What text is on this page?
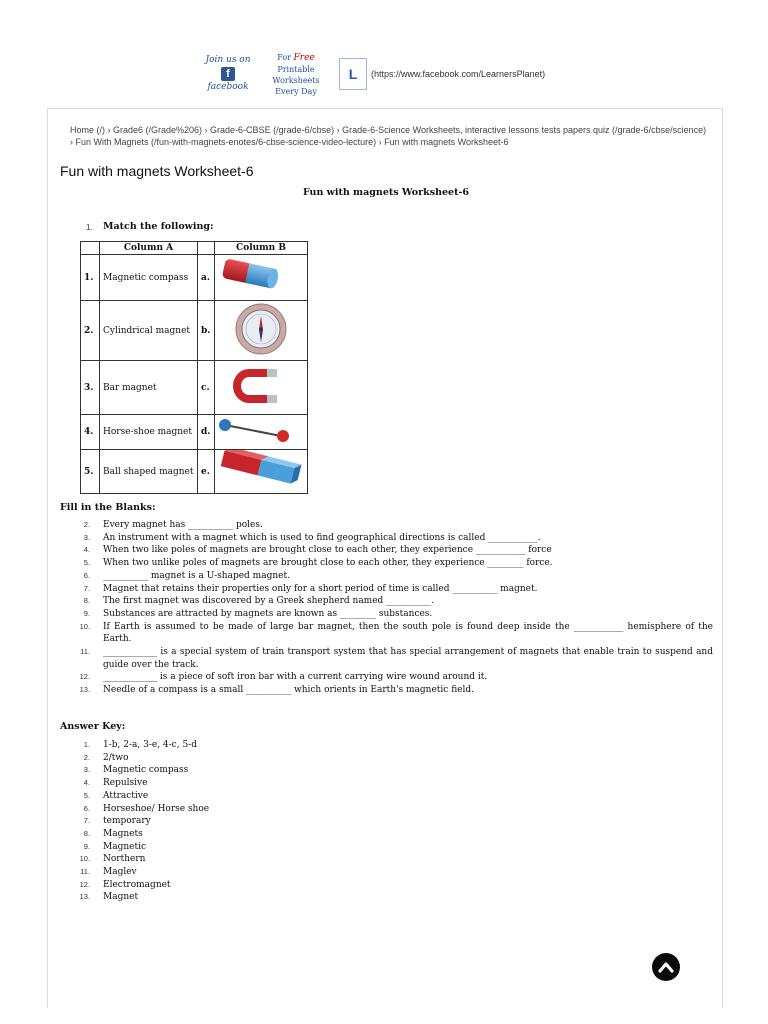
Join us on
f
facebook
For Free
Printable Worksheets
Every Day
L	(https://www.facebook.com/LearnersPlanet)
Home (/) › Grade6 (/Grade%206) › Grade-6-CBSE (/grade-6/cbse) › Grade-6-Science Worksheets, interactive lessons tests papers quiz (/grade-6/cbse/science) › Fun With Magnets (/fun-with-magnets-enotes/6-cbse-science-video-lecture) › Fun with magnets Worksheet-6
Fun with magnets Worksheet-6
Fun with magnets Worksheet-6
1. Match the following:
	Column A		Column B
1.	Magnetic compass	a.	
2.	Cylindrical magnet	b.	
3.	Bar magnet	c.	
4.	Horse-shoe magnet	d.	
5.	Ball shaped magnet	e.	
Fill in the Blanks:
2. Every magnet has __________ poles.
3. An instrument with a magnet which is used to find geographical directions is called ___________.
4. When two like poles of magnets are brought close to each other, they experience ___________ force
5. When two unlike poles of magnets are brought close to each other, they experience ________ force.
6. __________ magnet is a U-shaped magnet.
7. Magnet that retains their properties only for a short period of time is called __________ magnet.
8. The first magnet was discovered by a Greek shepherd named __________.
9. Substances are attracted by magnets are known as ________ substances.
10. If Earth is assumed to be made of large bar magnet, then the south pole is found deep inside the ___________ hemisphere of the Earth.
11. ____________ is a special system of train transport system that has special arrangement of magnets that enable train to suspend and guide over the track.
12. ____________ is a piece of soft iron bar with a current carrying wire wound around it.
13. Needle of a compass is a small __________ which orients in Earth's magnetic field.
Answer Key:
1. 1-b, 2-a, 3-e, 4-c, 5-d
2. 2/two
3. Magnetic compass
4. Repulsive
5. Attractive
6. Horseshoe/ Horse shoe
7. temporary
8. Magnets
9. Magnetic
10. Northern
11. Maglev
12. Electromagnet
13. Magnet
